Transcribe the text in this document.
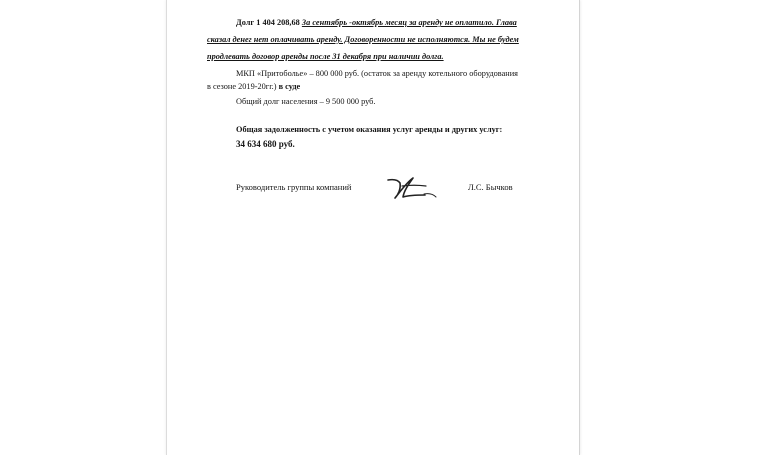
Долг 1 404 208,68 За сентябрь -октябрь месяц за аренду не оплатило. Глава
сказал денег нет оплачивать аренду. Договоренности не исполняются. Мы не будем
продлевать договор аренды после 31 декабря при наличии долга.
МКП «Притобольe» – 800 000 руб. (остаток за аренду котельного оборудования
в сезоне 2019-20гг.) в суде
Общий долг населения – 9 500 000 руб.
Общая задолженность с учетом оказания услуг аренды и других услуг:
34 634 680 руб.
Руководитель группы компаний	Л.С. Бычков
